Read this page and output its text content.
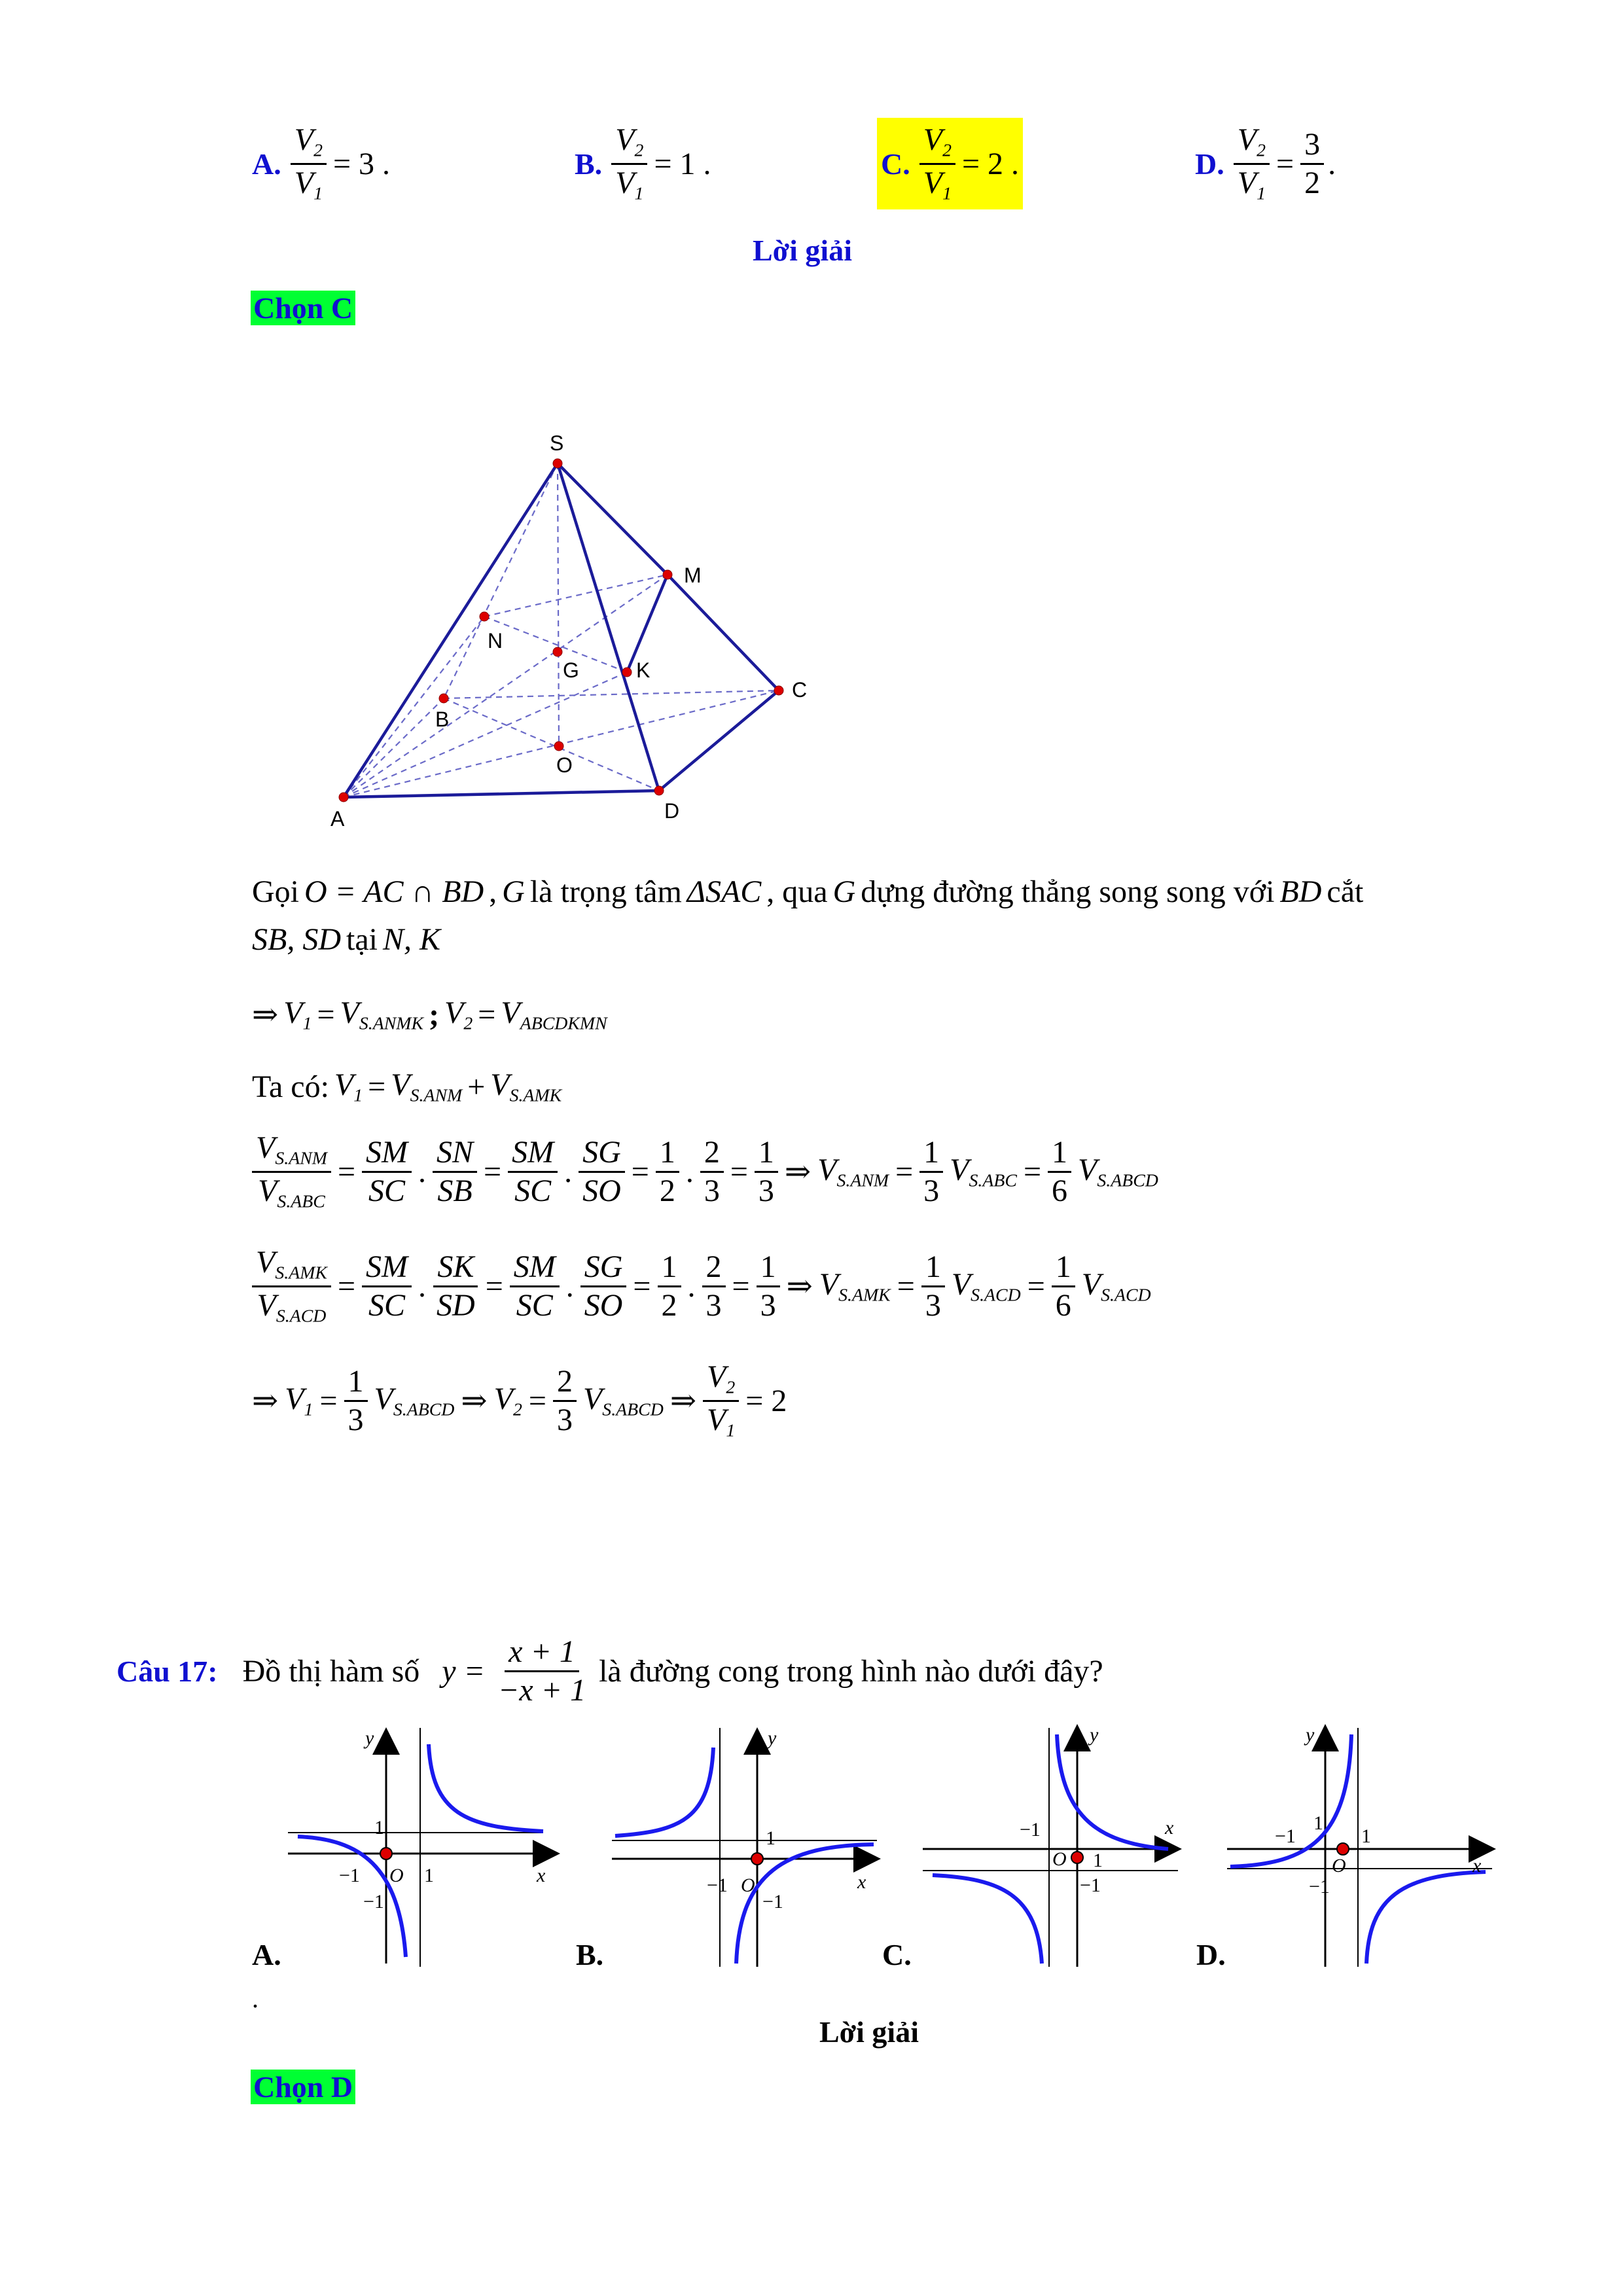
A. $\frac{V_2}{V_1} = 3$ .	B. $\frac{V_2}{V_1} = 1$ .	C. $\frac{V_2}{V_1} = 2$ .	D. $\frac{V_2}{V_1} = \frac{3}{2}$ .
Lời giải
Chọn C
S
M
N
G	K
C
B
O
A	D
Gọi O = AC ∩ BD , G là trọng tâm ΔSAC , qua G dựng đường thẳng song song với BD cắt
SB, SD tại N, K
⇒ $V_1 = V_{S.ANMK}$ ; $V_2 = V_{ABCDKMN}$
Ta có: $V_1 = V_{S.ANM} + V_{S.AMK}$
$V_{S.ANM}$
$V_{S.ABC}$
= $\frac{SM}{SC}$ . $\frac{SN}{SB} = \frac{SM}{SC}$ . $\frac{SG}{SO} = \frac{1}{2}$ . $\frac{2}{3} = \frac{1}{3}$ ⇒ $V_{S.ANM} = \frac{1}{3} V_{S.ABC} = \frac{1}{6} V_{S.ABCD}$
$V_{S.AMK}$
$V_{S.ACD}$
= $\frac{SM}{SC}$ . $\frac{SK}{SD} = \frac{SM}{SC}$ . $\frac{SG}{SO} = \frac{1}{2}$ . $\frac{2}{3} = \frac{1}{3}$ ⇒ $V_{S.AMK} = \frac{1}{3} V_{S.ACD} = \frac{1}{6} V_{S.ACD}$
⇒ $V_1 = \frac{1}{3} V_{S.ABCD}$ ⇒ $V_2 = \frac{2}{3} V_{S.ABCD}$ ⇒ $\frac{V_2}{V_1} = 2$
Câu 17: Đồ thị hàm số $y = \frac{x + 1}{-x + 1}$ là đường cong trong hình nào dưới đây?
y
1
−1 O 1
−1
x
y
1
−1 O
−1
x
y
−1	x
O 1
−1
y
1
−1	1
O	x
−1
A.	B.	C.	D.
.
Lời giải
Chọn D
